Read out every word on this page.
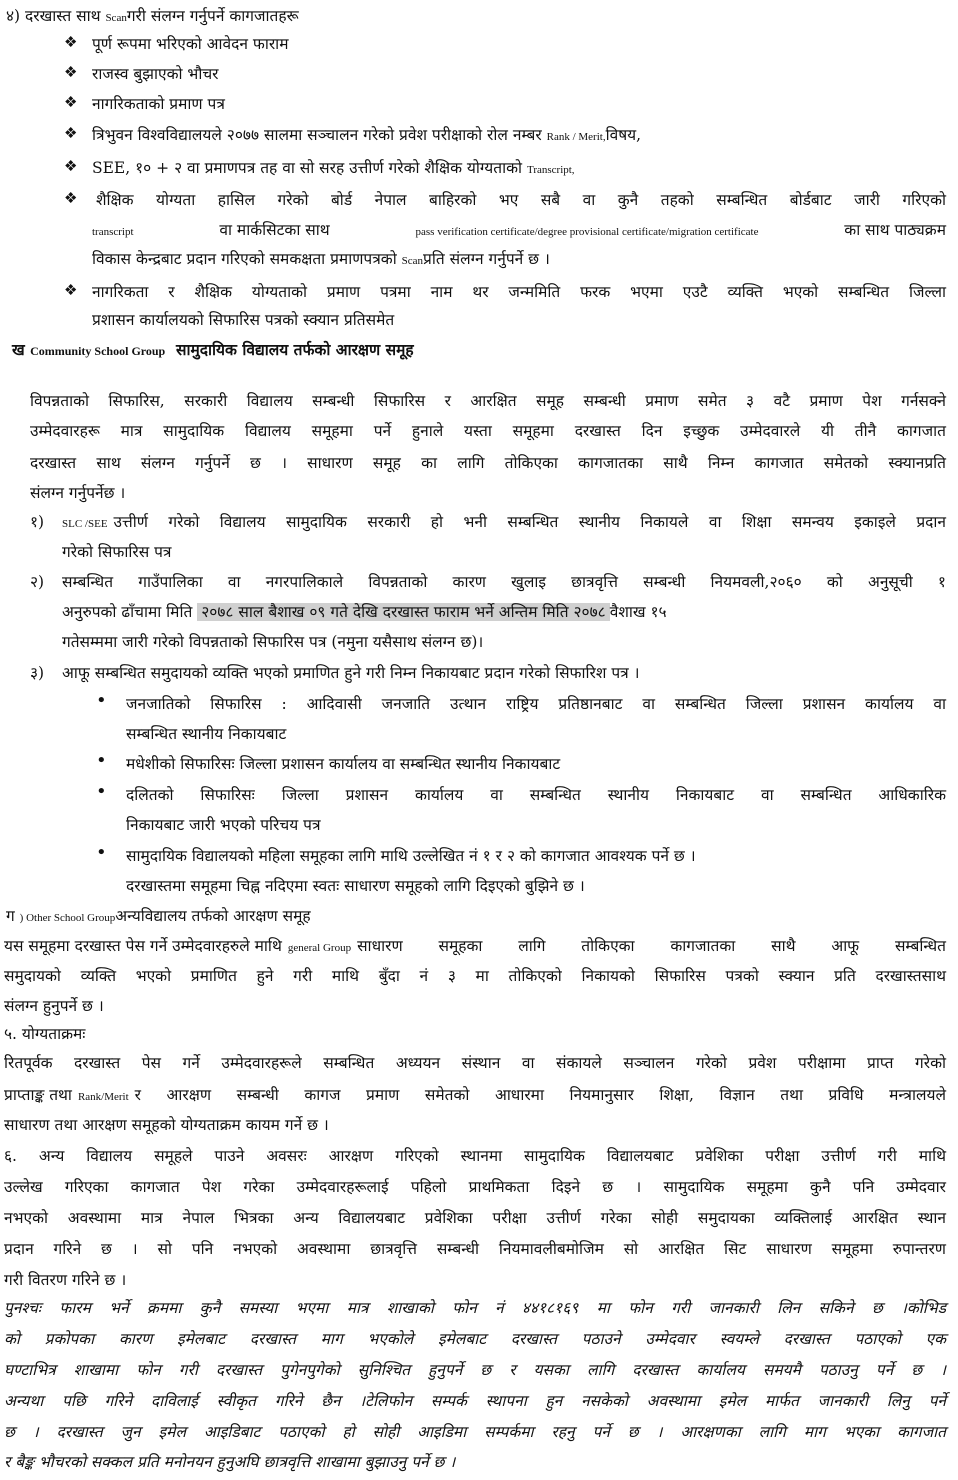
४) दरखास्त साथ Scanगरी संलग्न गर्नुपर्ने कागजातहरू
❖ पूर्ण रूपमा भरिएको आवेदन फाराम
❖ राजस्व बुझाएको भौचर
❖ नागरिकताको प्रमाण पत्र
❖ त्रिभुवन विश्वविद्यालयले २०७७ सालमा सञ्चालन गरेको प्रवेश परीक्षाको रोल नम्बर Rank / Merit,विषय,
❖ SEE, १० + २ वा प्रमाणपत्र तह वा सो सरह उत्तीर्ण गरेको शैक्षिक योग्यताको Transcript,
❖ शैक्षिक योग्यता हासिल गरेको बोर्ड नेपाल बाहिरको भए सबै वा कुनै तहको सम्बन्धित बोर्डबाट जारी गरिएको
transcript	वा मार्कसिटका साथ	pass verification certificate/degree provisional certificate/migration certificate	का साथ पाठ्यक्रम
विकास केन्द्रबाट प्रदान गरिएको समकक्षता प्रमाणपत्रको Scanप्रति संलग्न गर्नुपर्ने छ ।
❖ नागरिकता र शैक्षिक योग्यताको प्रमाण पत्रमा नाम थर जन्ममिति फरक भएमा एउटै व्यक्ति भएको सम्बन्धित जिल्ला
प्रशासन कार्यालयको सिफारिस पत्रको स्क्यान प्रतिसमेत
ख Community School Group सामुदायिक विद्यालय तर्फको आरक्षण समूह
विपन्नताको सिफारिस, सरकारी विद्यालय सम्बन्धी सिफारिस र आरक्षित समूह सम्बन्धी प्रमाण समेत ३ वटै प्रमाण पेश गर्नसक्ने
उम्मेदवारहरू मात्र सामुदायिक विद्यालय समूहमा पर्ने हुनाले यस्ता समूहमा दरखास्त दिन इच्छुक उम्मेदवारले यी तीनै कागजात
दरखास्त साथ संलग्न गर्नुपर्ने छ । साधारण समूह का लागि तोकिएका कागजातका साथै निम्न कागजात समेतको स्क्यानप्रति
संलग्न गर्नुपर्नेछ ।
१) SLC /SEE उत्तीर्ण गरेको विद्यालय सामुदायिक सरकारी हो भनी सम्बन्धित स्थानीय निकायले वा शिक्षा समन्वय इकाइले प्रदान
गरेको सिफारिस पत्र
२) सम्बन्धित गाउँपालिका वा नगरपालिकाले विपन्नताको कारण खुलाइ छात्रवृत्ति सम्बन्धी नियमवली,२०६० को अनुसूची १
अनुरुपको ढाँचामा मिति २०७८ साल बैशाख ०९ गते देखि दरखास्त फाराम भर्ने अन्तिम मिति २०७८ वैशाख १५
गतेसम्ममा जारी गरेको विपन्नताको सिफारिस पत्र (नमुना यसैसाथ संलग्न छ)।
३) आफू सम्बन्धित समुदायको व्यक्ति भएको प्रमाणित हुने गरी निम्न निकायबाट प्रदान गरेको सिफारिश पत्र ।
• जनजातिको सिफारिस : आदिवासी जनजाति उत्थान राष्ट्रिय प्रतिष्ठानबाट वा सम्बन्धित जिल्ला प्रशासन कार्यालय वा
सम्बन्धित स्थानीय निकायबाट
• मधेशीको सिफारिसः जिल्ला प्रशासन कार्यालय वा सम्बन्धित स्थानीय निकायबाट
• दलितको सिफारिसः जिल्ला प्रशासन कार्यालय वा सम्बन्धित स्थानीय निकायबाट वा सम्बन्धित आधिकारिक
निकायबाट जारी भएको परिचय पत्र
• सामुदायिक विद्यालयको महिला समूहका लागि माथि उल्लेखित नं १ र २ को कागजात आवश्यक पर्ने छ ।
दरखास्तमा समूहमा चिह्न नदिएमा स्वतः साधारण समूहको लागि दिइएको बुझिने छ ।
ग ) Other School Groupअन्यविद्यालय तर्फको आरक्षण समूह
यस समूहमा दरखास्त पेस गर्ने उम्मेदवारहरुले माथि general Group साधारण समूहका लागि तोकिएका कागजातका साथै आफू सम्बन्धित
समुदायको व्यक्ति भएको प्रमाणित हुने गरी माथि बुँदा नं ३ मा तोकिएको निकायको सिफारिस पत्रको स्क्यान प्रति दरखास्तसाथ
संलग्न हुनुपर्ने छ ।
५. योग्यताक्रमः
रितपूर्वक दरखास्त पेस गर्ने उम्मेदवारहरूले सम्बन्धित अध्ययन संस्थान वा संकायले सञ्चालन गरेको प्रवेश परीक्षामा प्राप्त गरेको
प्राप्ताङ्क तथा Rank/Merit र आरक्षण सम्बन्धी कागज प्रमाण समेतको आधारमा नियमानुसार शिक्षा, विज्ञान तथा प्रविधि मन्त्रालयले
साधारण तथा आरक्षण समूहको योग्यताक्रम कायम गर्ने छ ।
६. अन्य विद्यालय समूहले पाउने अवसरः आरक्षण गरिएको स्थानमा सामुदायिक विद्यालयबाट प्रवेशिका परीक्षा उत्तीर्ण गरी माथि
उल्लेख गरिएका कागजात पेश गरेका उम्मेदवारहरूलाई पहिलो प्राथमिकता दिइने छ । सामुदायिक समूहमा कुनै पनि उम्मेदवार
नभएको अवस्थामा मात्र नेपाल भित्रका अन्य विद्यालयबाट प्रवेशिका परीक्षा उत्तीर्ण गरेका सोही समुदायका व्यक्तिलाई आरक्षित स्थान
प्रदान गरिने छ । सो पनि नभएको अवस्थामा छात्रवृत्ति सम्बन्धी नियमावलीबमोजिम सो आरक्षित सिट साधारण समूहमा रुपान्तरण
गरी वितरण गरिने छ ।
पुनश्चः फारम भर्ने क्रममा कुनै समस्या भएमा मात्र शाखाको फोन नं ४४१८१६९ मा फोन गरी जानकारी लिन सकिने छ ।कोभिड
को प्रकोपका कारण इमेलबाट दरखास्त माग भएकोले इमेलबाट दरखास्त पठाउने उम्मेदवार स्वयम्ले दरखास्त पठाएको एक
घण्टाभित्र शाखामा फोन गरी दरखास्त पुगेनपुगेको सुनिश्चित हुनुपर्ने छ र यसका लागि दरखास्त कार्यालय समयमै पठाउनु पर्ने छ ।
अन्यथा पछि गरिने दाविलाई स्वीकृत गरिने छैन ।टेलिफोन सम्पर्क स्थापना हुन नसकेको अवस्थामा इमेल मार्फत जानकारी लिनु पर्ने
छ । दरखास्त जुन इमेल आइडिबाट पठाएको हो सोही आइडिमा सम्पर्कमा रहनु पर्ने छ । आरक्षणका लागि माग भएका कागजात
र बैङ्क भौचरको सक्कल प्रति मनोनयन हुनुअघि छात्रवृत्ति शाखामा बुझाउनु पर्ने छ ।
